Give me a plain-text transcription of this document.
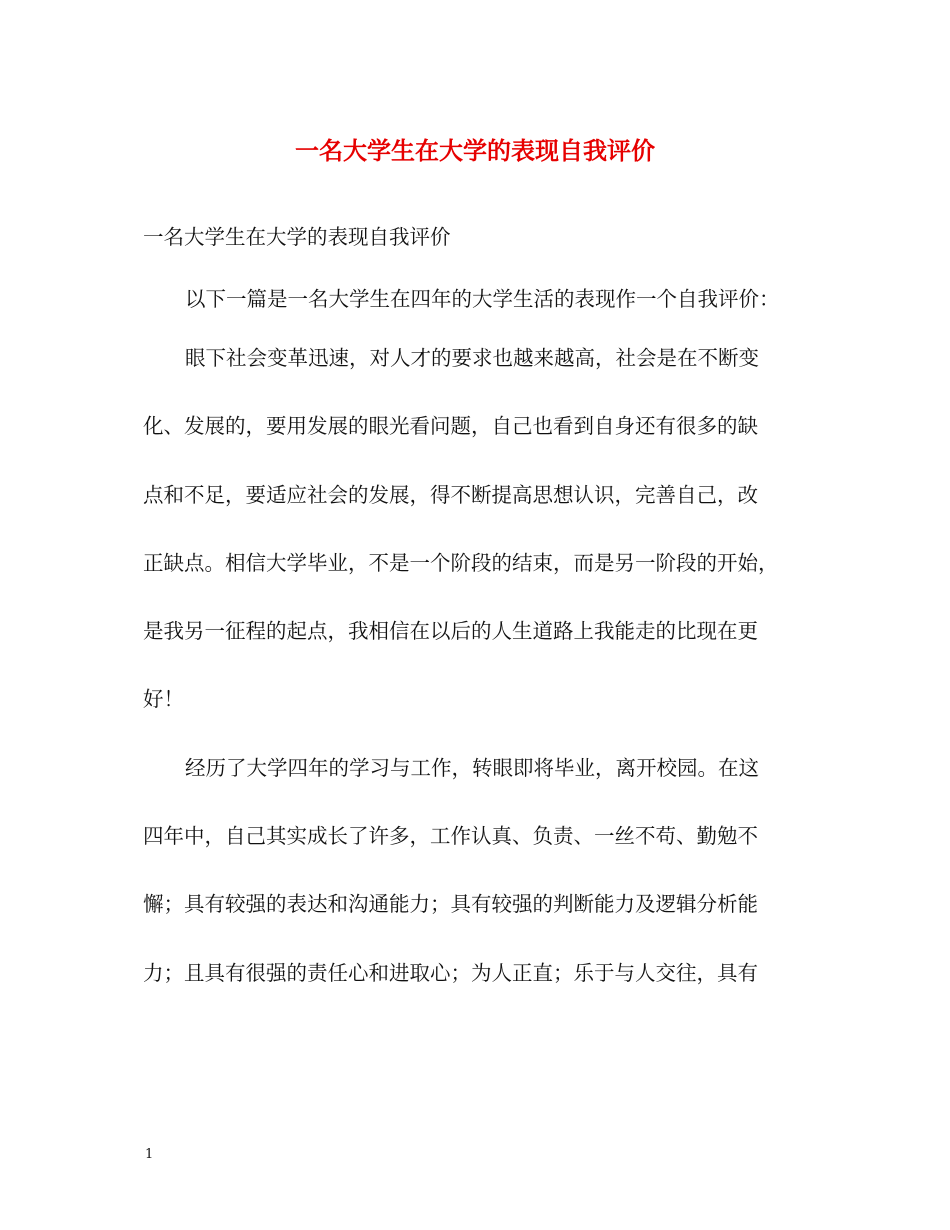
一名大学生在大学的表现自我评价

一名大学生在大学的表现自我评价

以下一篇是一名大学生在四年的大学生活的表现作一个自我评价：

眼下社会变革迅速，对人才的要求也越来越高，社会是在不断变

化、发展的，要用发展的眼光看问题，自己也看到自身还有很多的缺

点和不足，要适应社会的发展，得不断提高思想认识，完善自己，改

正缺点。相信大学毕业，不是一个阶段的结束，而是另一阶段的开始，

是我另一征程的起点，我相信在以后的人生道路上我能走的比现在更

好！

经历了大学四年的学习与工作，转眼即将毕业，离开校园。在这

四年中，自己其实成长了许多，工作认真、负责、一丝不苟、勤勉不

懈；具有较强的表达和沟通能力；具有较强的判断能力及逻辑分析能

力；且具有很强的责任心和进取心；为人正直；乐于与人交往，具有

1
